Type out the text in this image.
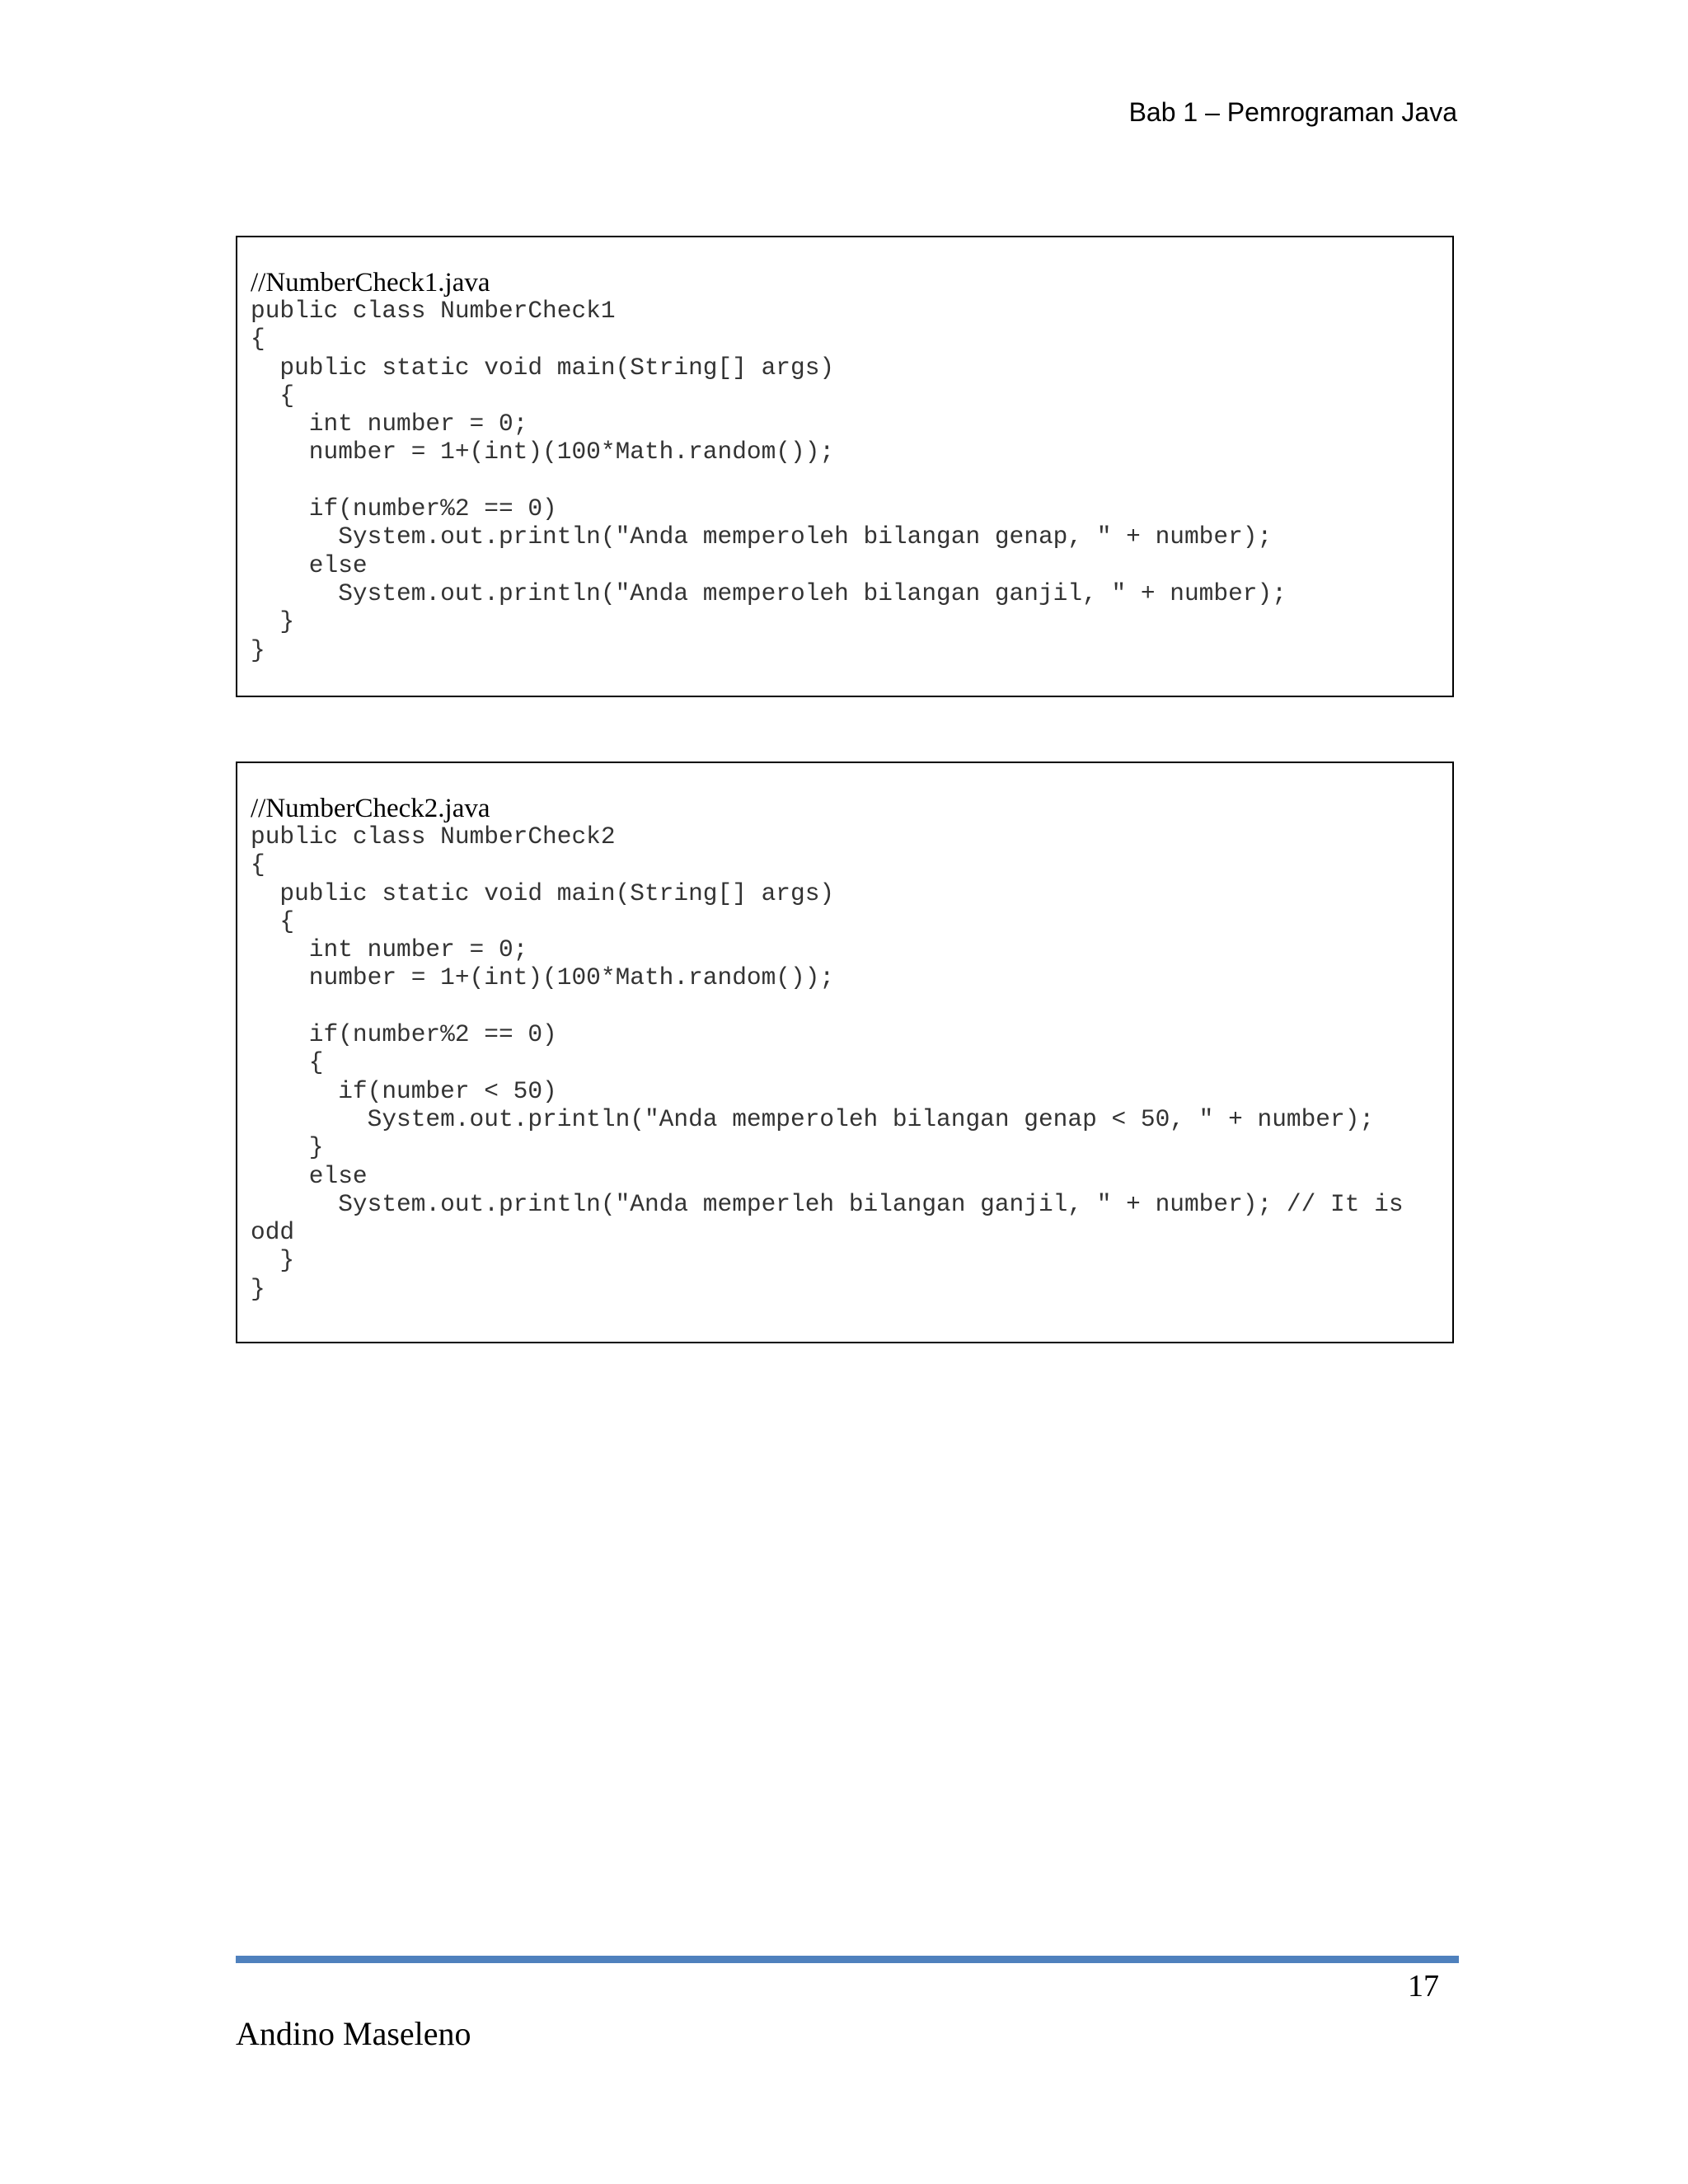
Bab 1 – Pemrograman Java
//NumberCheck1.java
public class NumberCheck1
{
public static void main(String[] args)
{
int number = 0;
number = 1+(int)(100*Math.random());
if(number%2 == 0)
System.out.println("Anda memperoleh bilangan genap, " + number);
else
System.out.println("Anda memperoleh bilangan ganjil, " + number);
}
}
//NumberCheck2.java
public class NumberCheck2
{
public static void main(String[] args)
{
int number = 0;
number = 1+(int)(100*Math.random());
if(number%2 == 0)
{
if(number < 50)
System.out.println("Anda memperoleh bilangan genap < 50, " + number);
}
else
System.out.println("Anda memperleh bilangan ganjil, " + number); // It is
odd
}
}
17
Andino Maseleno
